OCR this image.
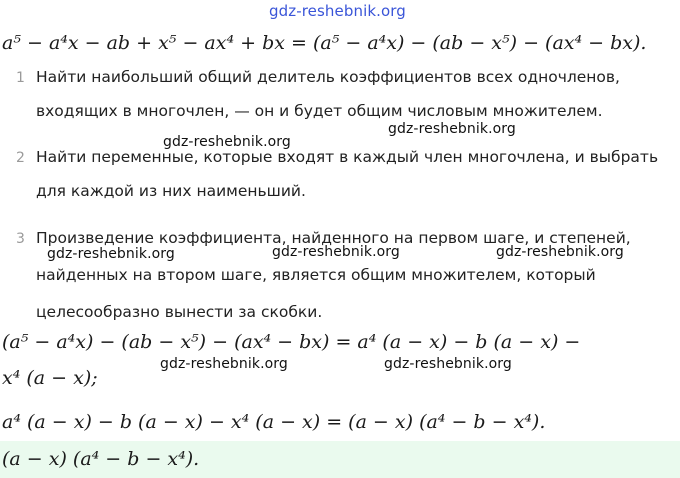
gdz-reshebnik.org
a⁵ − a⁴x − ab + x⁵ − ax⁴ + bx = (a⁵ − a⁴x) − (ab − x⁵) − (ax⁴ − bx).
1 Найти наибольший общий делитель коэффициентов всех одночленов, входящих в многочлен, — он и будет общим числовым множителем.
gdz-reshebnik.org
gdz-reshebnik.org
2 Найти переменные, которые входят в каждый член многочлена, и выбрать для каждой из них наименьший.
3 Произведение коэффициента, найденного на первом шаге, и степеней, найденных на втором шаге, является общим множителем, который целесообразно вынести за скобки.
gdz-reshebnik.org	gdz-reshebnik.org	gdz-reshebnik.org
(a⁵ − a⁴x) − (ab − x⁵) − (ax⁴ − bx) = a⁴ (a − x) − b (a − x) −
x⁴ (a − x);
gdz-reshebnik.org	gdz-reshebnik.org
a⁴ (a − x) − b (a − x) − x⁴ (a − x) = (a − x) (a⁴ − b − x⁴).
(a − x) (a⁴ − b − x⁴).
